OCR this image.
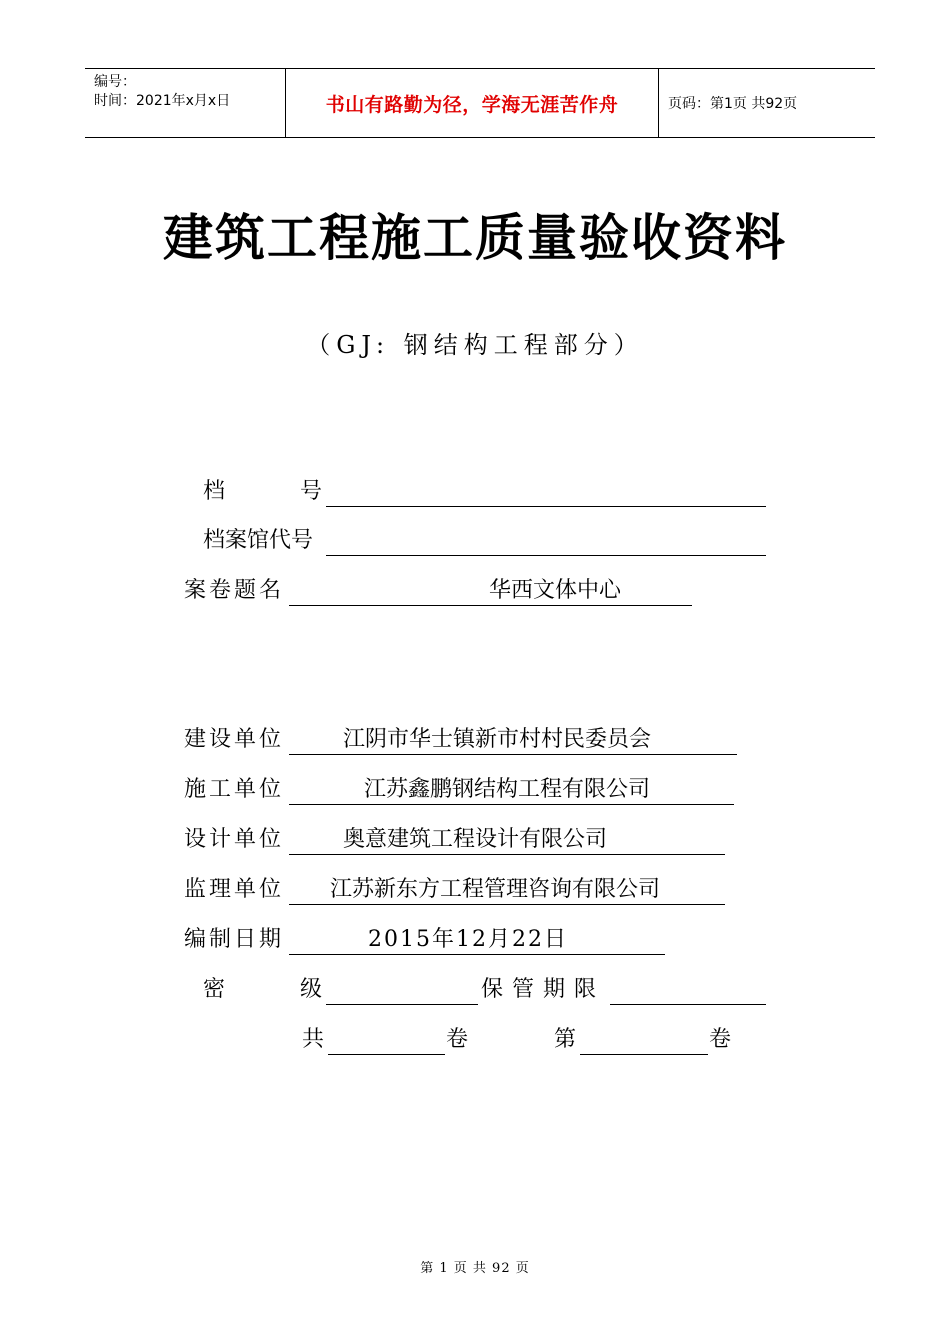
编号：
时间：2021年x月x日	书山有路勤为径，学海无涯苦作舟	页码：第1页 共92页
建筑工程施工质量验收资料
（GJ: 钢结构工程部分）
档	号
档案馆代号
案卷题名	华西文体中心
建设单位	江阴市华士镇新市村村民委员会
施工单位	江苏鑫鹏钢结构工程有限公司
设计单位	奥意建筑工程设计有限公司
监理单位 江苏新东方工程管理咨询有限公司
编制日期	2015年12月22日
密	级	保管期限
共	卷	第	卷
第 1 页 共 92 页
